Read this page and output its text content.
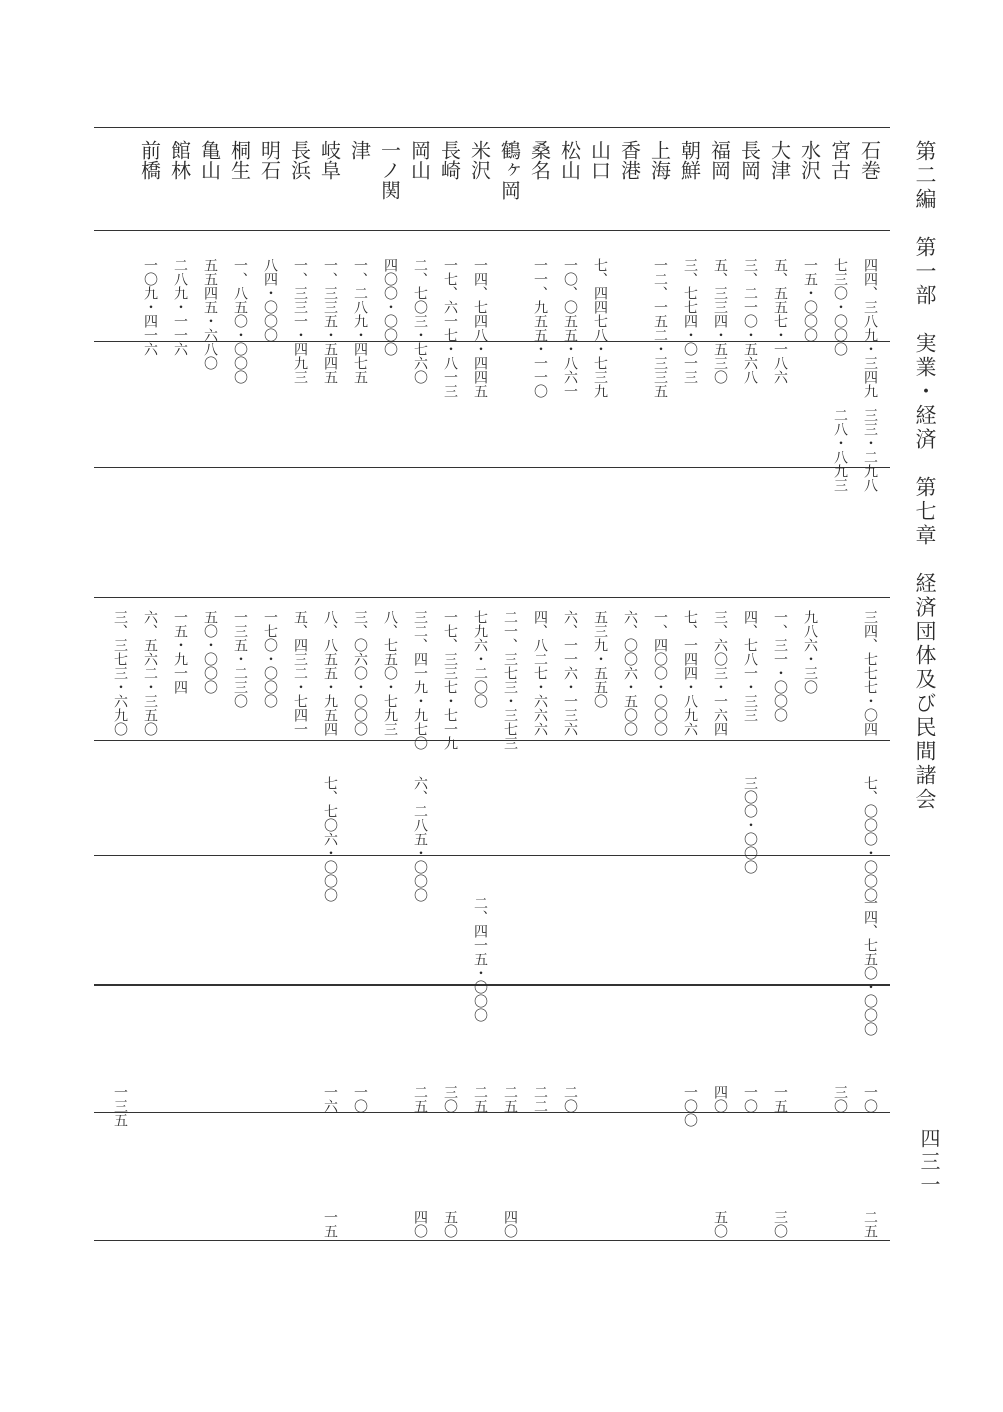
第二編　第一部　実業・経済　第七章　経済団体及び民間諸会
四三一
石巻
四四、三八九・三四九
三三・二九八
三四、七七七・〇四
七、〇〇〇・〇〇〇
一四、七五〇・〇〇〇
一〇
二五
宮古
七三〇・〇〇〇
二八・八九三
三〇
水沢
一五・〇〇〇
九八六・三〇
大津
五、五五七・一八六
一、三一・〇〇〇
一五
三〇
長岡
三、二一〇・五六八
四、七八一・三三
三〇〇・〇〇〇
一〇
福岡
五、三三四・五三〇
三、六〇三・一六四
四〇
五〇
朝鮮
三、七七四・〇一三
七、一四四・八九六
一〇〇
上海
一二、一五二・三三五
一、四〇〇・〇〇〇
香港
六、〇〇六・五〇〇
山口
七、四四七八・七三九
五三九・五五〇
松山
一〇、〇五五・八六一
六、一一六・一三六
二〇
桑名
一一、九五五・一一〇
四、八二七・六六六
二二
鶴ヶ岡
二一、三七三・三七三
二五
四〇
米沢
一四、七四八・四四五
七九六・二〇〇
二、四一五・〇〇〇
二五
長崎
一七、六一七・八一三
一七、三三七・七一九
三〇
五〇
岡山
二、七〇三・七六〇
三二、四一九・九七〇
六、二八五・〇〇〇
二五
四〇
一ノ関
四〇〇・〇〇〇
八、七五〇・七九三
津
一、二八九・四七五
三、〇六〇・〇〇〇
一〇
岐阜
一、三三五・五四五
八、八五五・九五四
七、七〇六・〇〇〇
一六
一五
長浜
一、三三一・四九三
五、四三二・七四一
明石
八四・〇〇〇
一七〇・〇〇〇
桐生
一、八五〇・〇〇〇
一三五・二三〇
亀山
五五四五・六八〇
五〇・〇〇〇
館林
二八九・一一六
一五・九一四
前橋
一〇九・四一六
六、五六二・三五〇
三、三七三・六九〇
一三五
